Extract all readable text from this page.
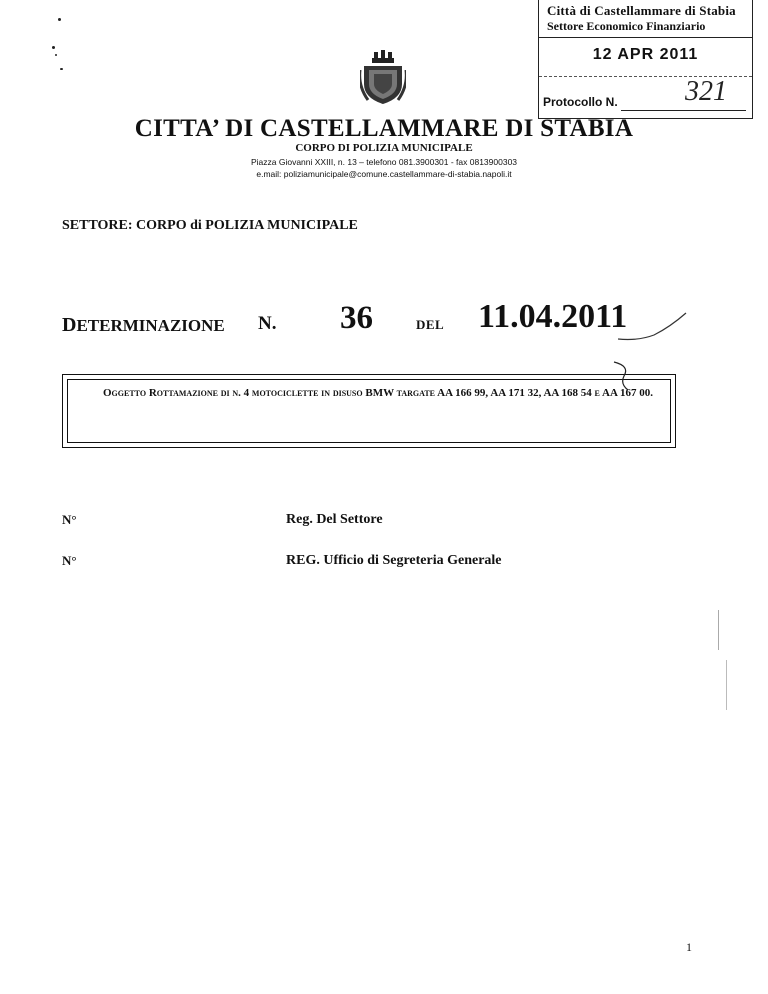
Città di Castellammare di Stabia
Settore Economico Finanziario
12 APR 2011
Protocollo N. 321
CITTA’ DI CASTELLAMMARE DI STABIA
CORPO DI POLIZIA MUNICIPALE
Piazza Giovanni XXIII, n. 13 – telefono 081.3900301 - fax 0813900303
e.mail: poliziamunicipale@comune.castellammare-di-stabia.napoli.it
SETTORE: CORPO di POLIZIA MUNICIPALE
DETERMINAZIONE N. 36	DEL 11.04.2011
Oggetto Rottamazione di n. 4 motociclette in disuso BMW targate AA 166 99, AA 171 32, AA 168 54 e AA 167 00.
N°	Reg. Del Settore
N°	REG. Ufficio di Segreteria Generale
1
